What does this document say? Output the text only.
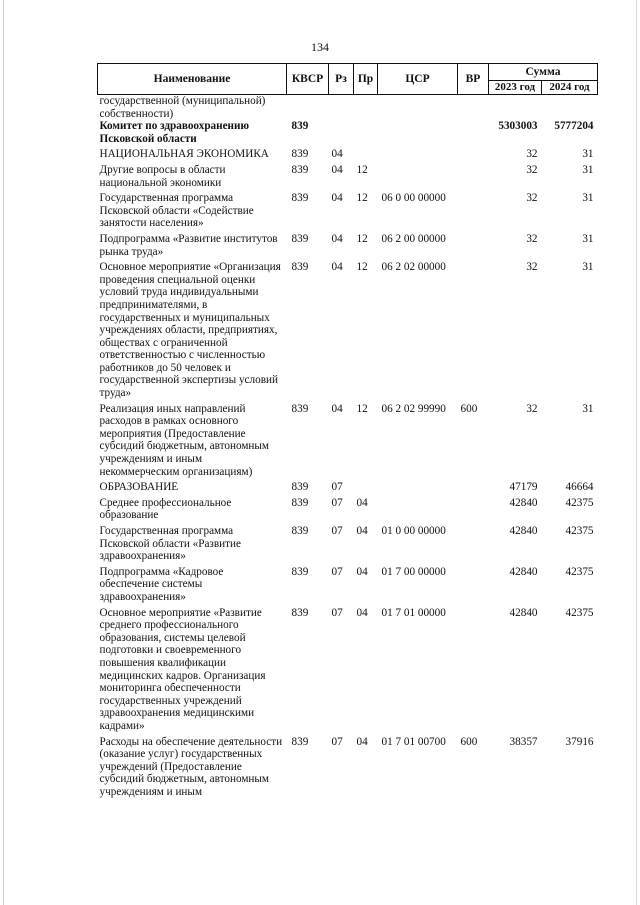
134
Наименование	КВСР	Рз	Пр	ЦСР	ВР	Сумма	
						2023 год	2024 год
государственной (муниципальной) собственности)							
Комитет по здравоохранению Псковской области	839					5303003	5777204
НАЦИОНАЛЬНАЯ ЭКОНОМИКА	839	04				32	31
Другие вопросы в области национальной экономики	839	04	12			32	31
Государственная программа Псковской области «Содействие занятости населения»	839	04	12	06 0 00 00000		32	31
Подпрограмма «Развитие институтов рынка труда»	839	04	12	06 2 00 00000		32	31
Основное мероприятие «Организация проведения специальной оценки условий труда индивидуальными предпринимателями, в государственных и муниципальных учреждениях области, предприятиях, обществах с ограниченной ответственностью с численностью работников до 50 человек и государственной экспертизы условий труда»	839	04	12	06 2 02 00000		32	31
Реализация иных направлений расходов в рамках основного мероприятия (Предоставление субсидий бюджетным, автономным учреждениям и иным некоммерческим организациям)	839	04	12	06 2 02 99990	600	32	31
ОБРАЗОВАНИЕ	839	07				47179	46664
Среднее профессиональное образование	839	07	04			42840	42375
Государственная программа Псковской области «Развитие здравоохранения»	839	07	04	01 0 00 00000		42840	42375
Подпрограмма «Кадровое обеспечение системы здравоохранения»	839	07	04	01 7 00 00000		42840	42375
Основное мероприятие «Развитие среднего профессионального образования, системы целевой подготовки и своевременного повышения квалификации медицинских кадров. Организация мониторинга обеспеченности государственных учреждений здравоохранения медицинскими кадрами»	839	07	04	01 7 01 00000		42840	42375
Расходы на обеспечение деятельности (оказание услуг) государственных учреждений (Предоставление субсидий бюджетным, автономным учреждениям и иным	839	07	04	01 7 01 00700	600	38357	37916
